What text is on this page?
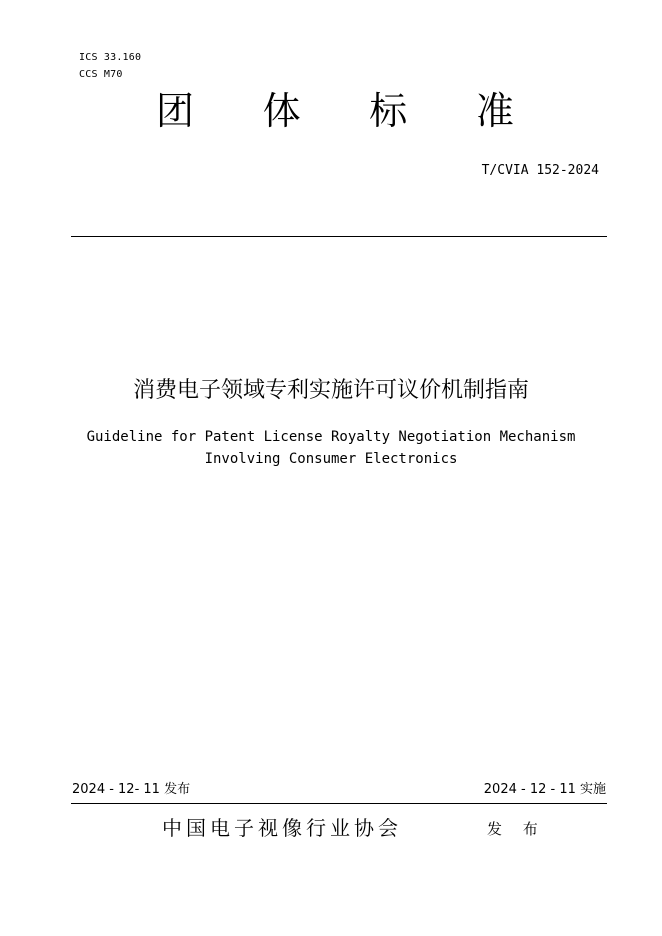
ICS 33.160
CCS M70
团	体	标	准
T/CVIA 152-2024
消费电子领域专利实施许可议价机制指南
Guideline for Patent License Royalty Negotiation Mechanism
Involving Consumer Electronics
2024 - 12- 11 发布	2024 - 12 - 11 实施
中国电子视像行业协会	发 布
